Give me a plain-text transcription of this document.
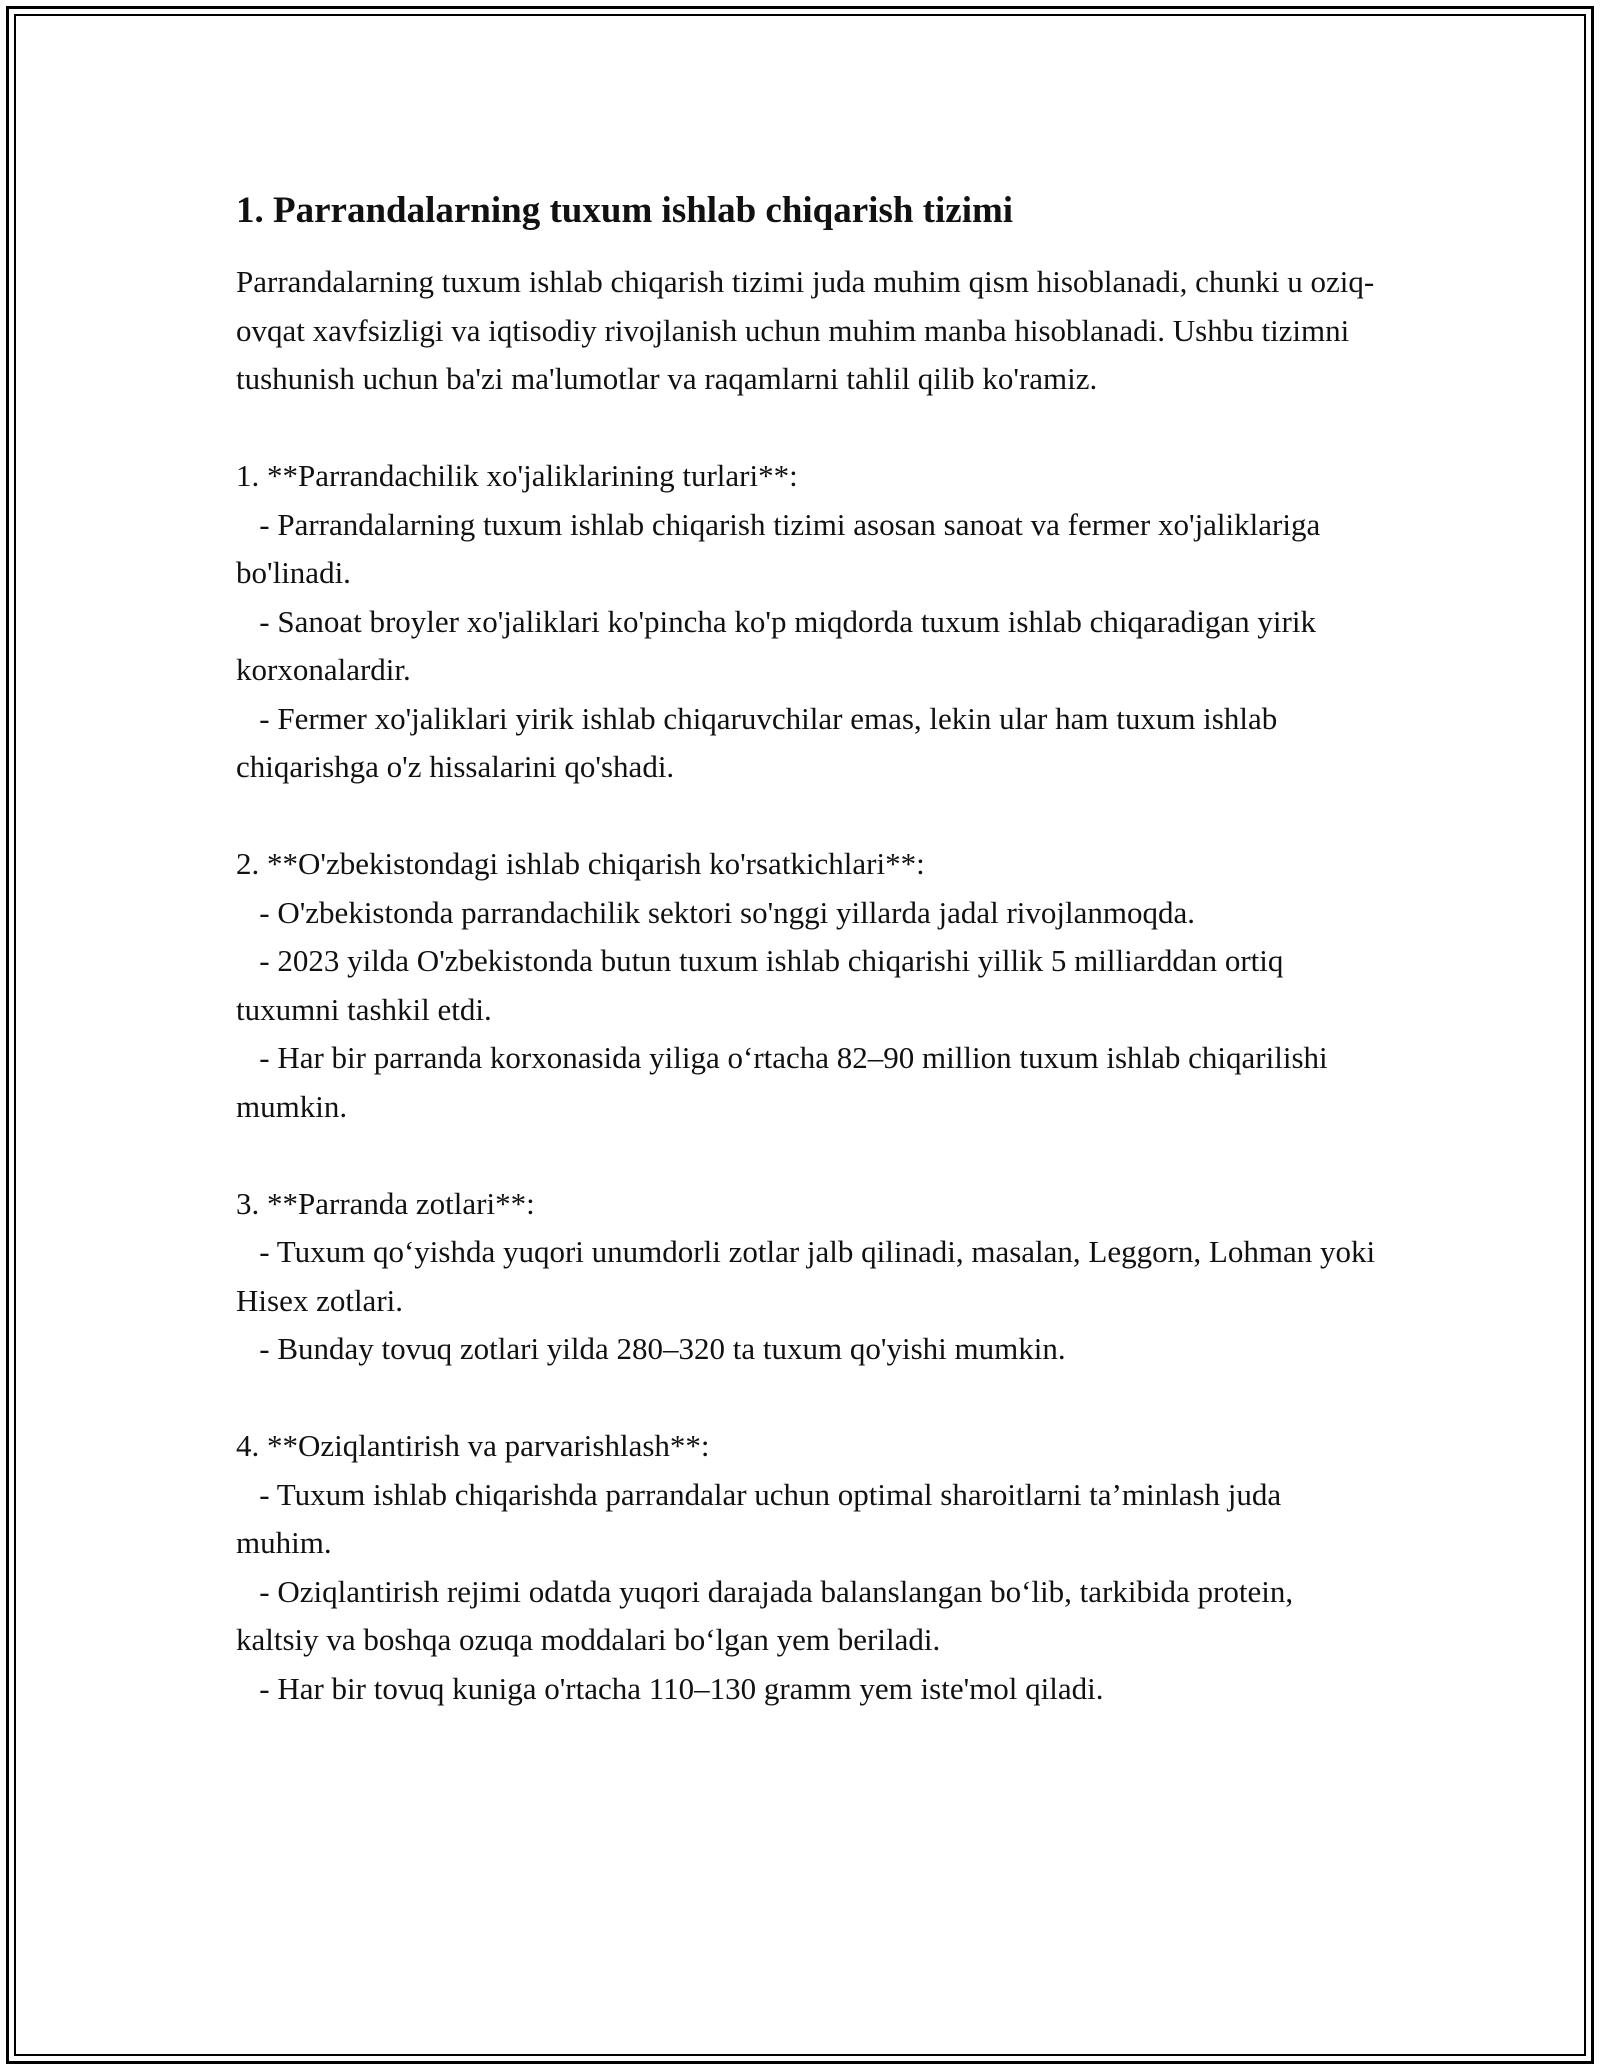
1. Parrandalarning tuxum ishlab chiqarish tizimi

Parrandalarning tuxum ishlab chiqarish tizimi juda muhim qism hisoblanadi, chunki u oziq-ovqat xavfsizligi va iqtisodiy rivojlanish uchun muhim manba hisoblanadi. Ushbu tizimni tushunish uchun ba'zi ma'lumotlar va raqamlarni tahlil qilib ko'ramiz.

1. **Parrandachilik xo'jaliklarining turlari**:

- Parrandalarning tuxum ishlab chiqarish tizimi asosan sanoat va fermer xo'jaliklariga bo'linadi.

- Sanoat broyler xo'jaliklari ko'pincha ko'p miqdorda tuxum ishlab chiqaradigan yirik korxonalardir.

- Fermer xo'jaliklari yirik ishlab chiqaruvchilar emas, lekin ular ham tuxum ishlab chiqarishga o'z hissalarini qo'shadi.

2. **O'zbekistondagi ishlab chiqarish ko'rsatkichlari**:

- O'zbekistonda parrandachilik sektori so'nggi yillarda jadal rivojlanmoqda.

- 2023 yilda O'zbekistonda butun tuxum ishlab chiqarishi yillik 5 milliarddan ortiq tuxumni tashkil etdi.

- Har bir parranda korxonasida yiliga o‘rtacha 82–90 million tuxum ishlab chiqarilishi mumkin.

3. **Parranda zotlari**:

- Tuxum qo‘yishda yuqori unumdorli zotlar jalb qilinadi, masalan, Leggorn, Lohman yoki Hisex zotlari.

- Bunday tovuq zotlari yilda 280–320 ta tuxum qo'yishi mumkin.

4. **Oziqlantirish va parvarishlash**:

- Tuxum ishlab chiqarishda parrandalar uchun optimal sharoitlarni ta’minlash juda muhim.

- Oziqlantirish rejimi odatda yuqori darajada balanslangan bo‘lib, tarkibida protein, kaltsiy va boshqa ozuqa moddalari bo‘lgan yem beriladi.

- Har bir tovuq kuniga o'rtacha 110–130 gramm yem iste'mol qiladi.
